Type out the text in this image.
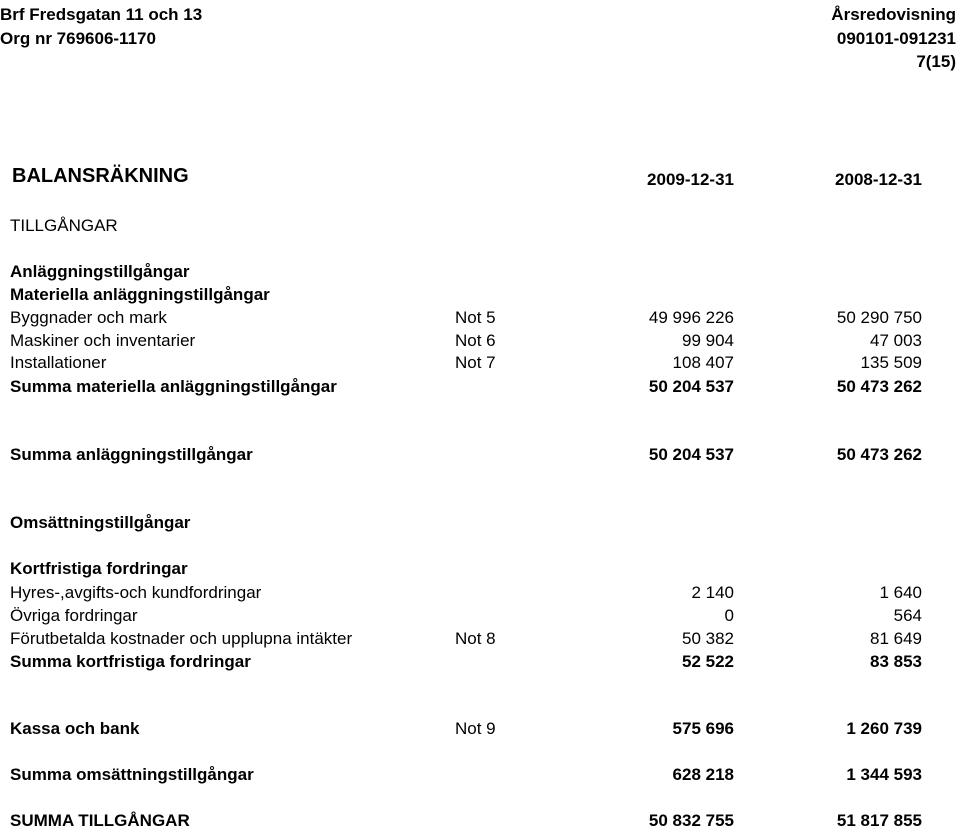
Brf Fredsgatan 11 och 13
Org nr 769606-1170
Årsredovisning
090101-091231
7(15)
BALANSRÄKNING	2009-12-31	2008-12-31
TILLGÅNGAR
Anläggningstillgångar
Materiella anläggningstillgångar
Byggnader och mark	Not 5	49 996 226	50 290 750
Maskiner och inventarier	Not 6	99 904	47 003
Installationer	Not 7	108 407	135 509
Summa materiella anläggningstillgångar	50 204 537	50 473 262
Summa anläggningstillgångar	50 204 537	50 473 262
Omsättningstillgångar
Kortfristiga fordringar
Hyres-,avgifts-och kundfordringar	2 140	1 640
Övriga fordringar	0	564
Förutbetalda kostnader och upplupna intäkter	Not 8	50 382	81 649
Summa kortfristiga fordringar	52 522	83 853
Kassa och bank	Not 9	575 696	1 260 739
Summa omsättningstillgångar	628 218	1 344 593
SUMMA TILLGÅNGAR	50 832 755	51 817 855
